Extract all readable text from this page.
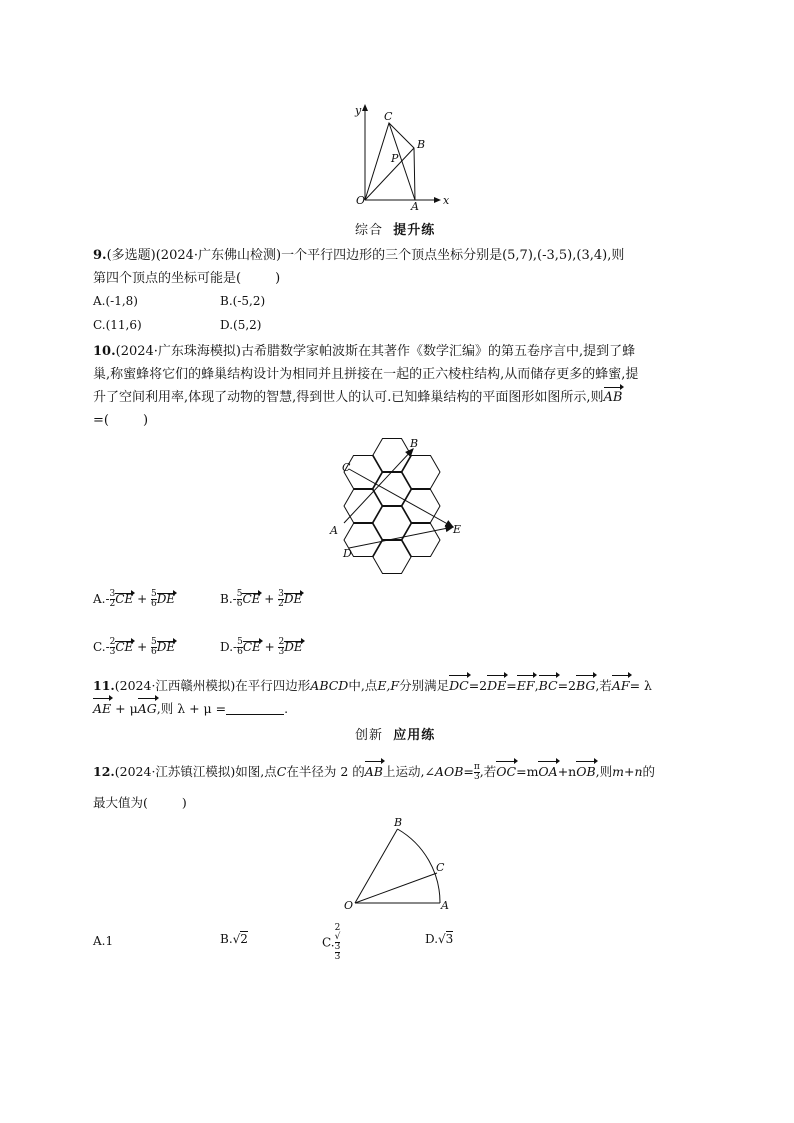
y
x
O	A
B
C
P
综合 提升练
9.(多选题)(2024·广东佛山检测)一个平行四边形的三个顶点坐标分别是(5,7),(-3,5),(3,4),则
第四个顶点的坐标可能是(	)
A.(-1,8)	B.(-5,2)
C.(11,6)	D.(5,2)
10.(2024·广东珠海模拟)古希腊数学家帕波斯在其著作《数学汇编》的第五卷序言中,提到了蜂
巢,称蜜蜂将它们的蜂巢结构设计为相同并且拼接在一起的正六棱柱结构,从而储存更多的蜂蜜,提
升了空间利用率,体现了动物的智慧,得到世人的认可.已知蜂巢结构的平面图形如图所示,则AB
=(	)
B
C
A
D
E
$A.- \frac{3}{2}$ CE + $\frac{5}{6}$ DE	$B.- \frac{5}{6}$ CE + $\frac{3}{2}$ DE
$C.- \frac{2}{3}$ CE + $\frac{5}{6}$ DE	$D.- \frac{5}{6}$ CE + $\frac{2}{3}$ DE
11.(2024·江西赣州模拟)在平行四边形ABCD中,点E,F分别满足DC=2DE=EF,BC=2BG,若AF= λ
AE + μAG,则 λ + μ =	.
创新 应用练
12.(2024·江苏镇江模拟)如图,点C在半径为 2 的AB上运动,∠AOB= $\frac{\pi}{3}$ ,若OC=mOA+nOB,则m+n的
最大值为(	)
O	A
B
C
A.1	B.√2	C. 2
√
3
3	D.√3
